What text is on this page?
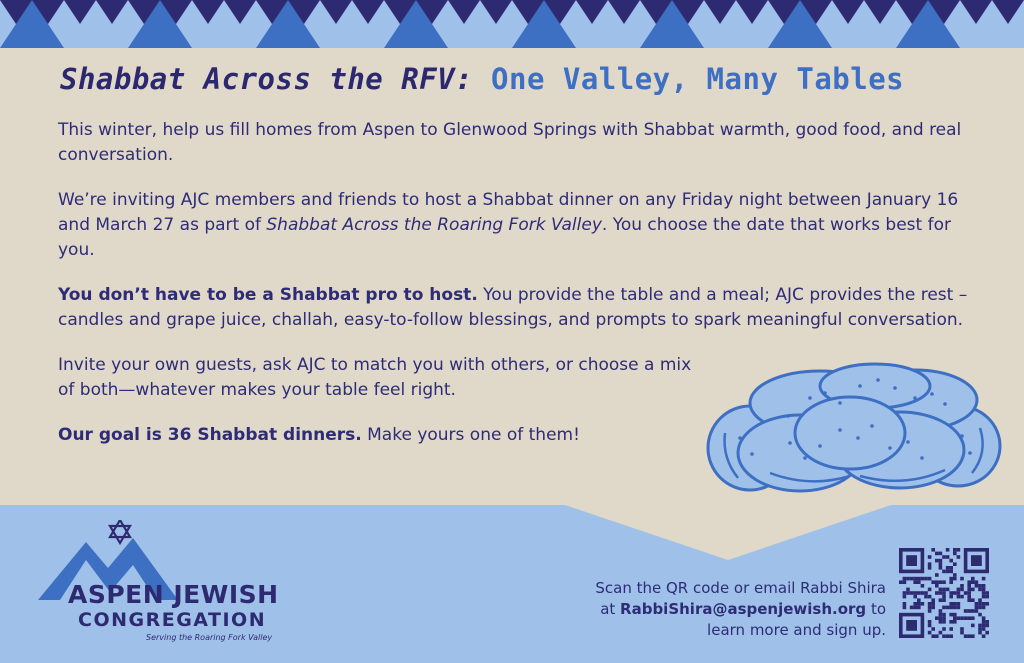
Shabbat Across the RFV: One Valley, Many Tables

This winter, help us fill homes from Aspen to Glenwood Springs with Shabbat warmth, good food, and real conversation.

We’re inviting AJC members and friends to host a Shabbat dinner on any Friday night between January 16 and March 27 as part of Shabbat Across the Roaring Fork Valley. You choose the date that works best for you.

You don’t have to be a Shabbat pro to host. You provide the table and a meal; AJC provides the rest – candles and grape juice, challah, easy-to-follow blessings, and prompts to spark meaningful conversation.

Invite your own guests, ask AJC to match you with others, or choose a mix of both—whatever makes your table feel right.

Our goal is 36 Shabbat dinners. Make yours one of them!

ASPEN JEWISH
CONGREGATION
Serving the Roaring Fork Valley
Scan the QR code or email Rabbi Shira
at RabbiShira@aspenjewish.org to
learn more and sign up.
